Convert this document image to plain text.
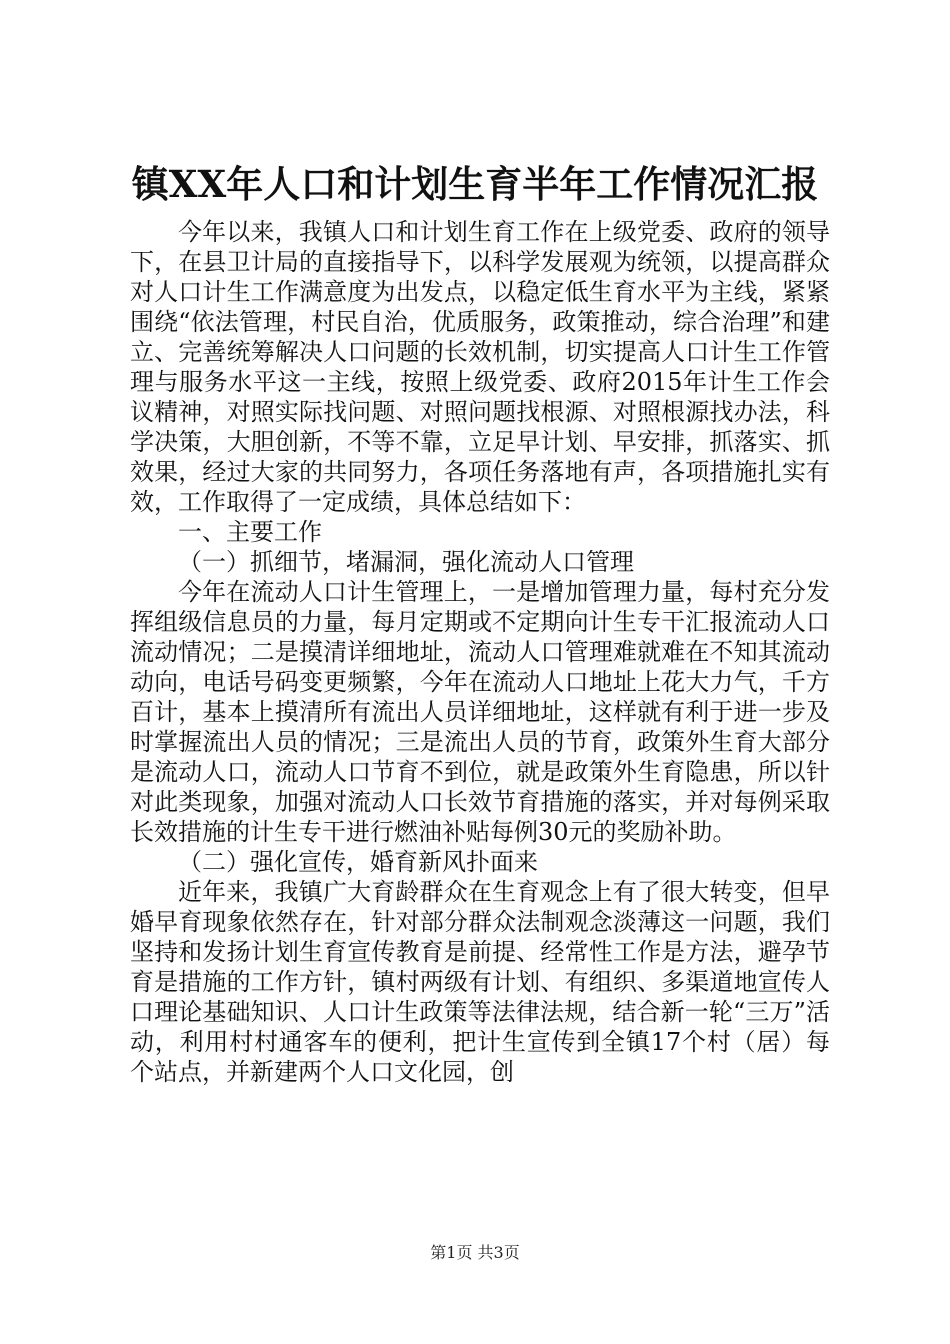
镇XX年人口和计划生育半年工作情况汇报

今年以来，我镇人口和计划生育工作在上级党委、政府的领导下，在县卫计局的直接指导下，以科学发展观为统领，以提高群众对人口计生工作满意度为出发点，以稳定低生育水平为主线，紧紧围绕“依法管理，村民自治，优质服务，政策推动，综合治理”和建立、完善统筹解决人口问题的长效机制，切实提高人口计生工作管理与服务水平这一主线，按照上级党委、政府2015年计生工作会议精神，对照实际找问题、对照问题找根源、对照根源找办法，科学决策，大胆创新，不等不靠，立足早计划、早安排，抓落实、抓效果，经过大家的共同努力，各项任务落地有声，各项措施扎实有效，工作取得了一定成绩，具体总结如下：

一、主要工作

（一）抓细节，堵漏洞，强化流动人口管理

今年在流动人口计生管理上，一是增加管理力量，每村充分发挥组级信息员的力量，每月定期或不定期向计生专干汇报流动人口流动情况；二是摸清详细地址，流动人口管理难就难在不知其流动动向，电话号码变更频繁，今年在流动人口地址上花大力气，千方百计，基本上摸清所有流出人员详细地址，这样就有利于进一步及时掌握流出人员的情况；三是流出人员的节育，政策外生育大部分是流动人口，流动人口节育不到位，就是政策外生育隐患，所以针对此类现象，加强对流动人口长效节育措施的落实，并对每例采取长效措施的计生专干进行燃油补贴每例30元的奖励补助。

（二）强化宣传，婚育新风扑面来

近年来，我镇广大育龄群众在生育观念上有了很大转变，但早婚早育现象依然存在，针对部分群众法制观念淡薄这一问题，我们坚持和发扬计划生育宣传教育是前提、经常性工作是方法，避孕节育是措施的工作方针，镇村两级有计划、有组织、多渠道地宣传人口理论基础知识、人口计生政策等法律法规，结合新一轮“三万”活动，利用村村通客车的便利，把计生宣传到全镇17个村（居）每个站点，并新建两个人口文化园，创

第1页 共3页
